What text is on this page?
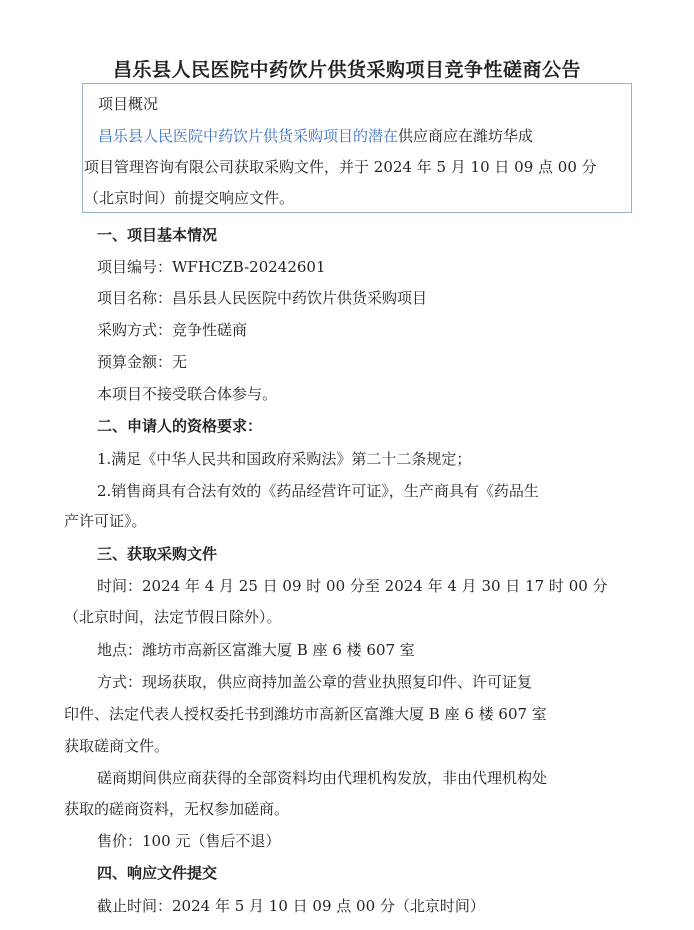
昌乐县人民医院中药饮片供货采购项目竞争性磋商公告
项目概况
昌乐县人民医院中药饮片供货采购项目的潜在供应商应在潍坊华成
项目管理咨询有限公司获取采购文件，并于 2024 年 5 月 10 日 09 点 00 分
（北京时间）前提交响应文件。
一、项目基本情况
项目编号：WFHCZB-20242601
项目名称：昌乐县人民医院中药饮片供货采购项目
采购方式：竞争性磋商
预算金额：无
本项目不接受联合体参与。
二、申请人的资格要求：
1.满足《中华人民共和国政府采购法》第二十二条规定；
2.销售商具有合法有效的《药品经营许可证》，生产商具有《药品生
产许可证》。
三、获取采购文件
时间：2024 年 4 月 25 日 09 时 00 分至 2024 年 4 月 30 日 17 时 00 分
（北京时间，法定节假日除外）。
地点：潍坊市高新区富潍大厦 B 座 6 楼 607 室
方式：现场获取，供应商持加盖公章的营业执照复印件、许可证复
印件、法定代表人授权委托书到潍坊市高新区富潍大厦 B 座 6 楼 607 室
获取磋商文件。
磋商期间供应商获得的全部资料均由代理机构发放，非由代理机构处
获取的磋商资料，无权参加磋商。
售价：100 元（售后不退）
四、响应文件提交
截止时间：2024 年 5 月 10 日 09 点 00 分（北京时间）
